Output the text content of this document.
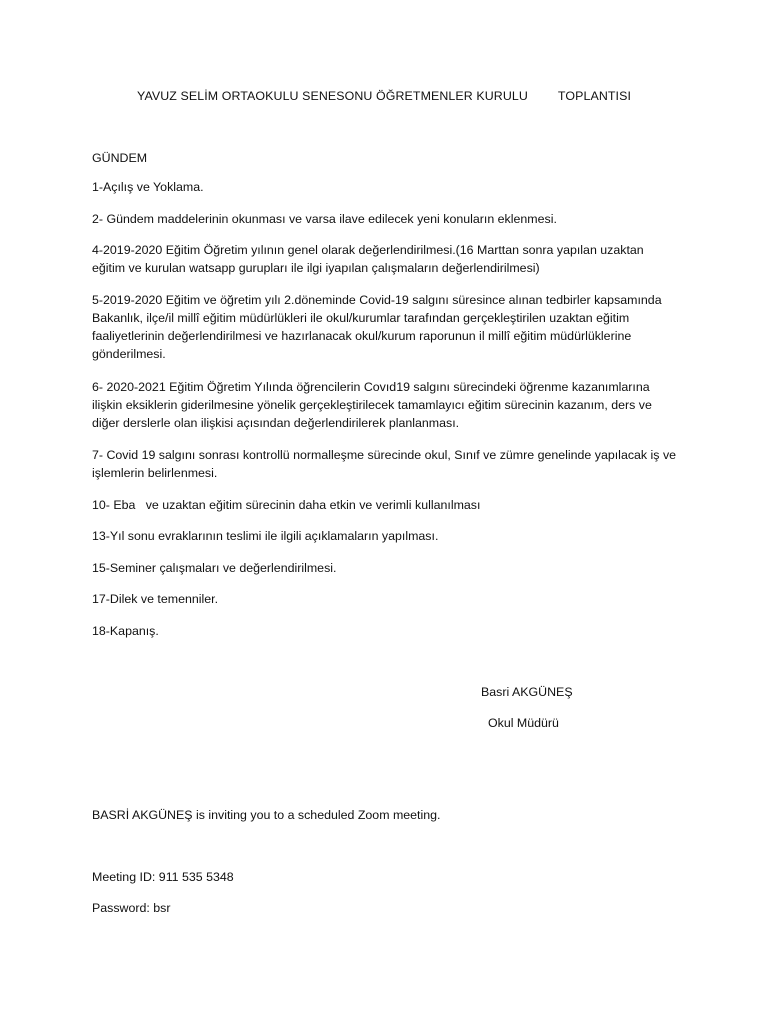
YAVUZ SELİM ORTAOKULU SENESONU ÖĞRETMENLER KURULU TOPLANTISI

GÜNDEM

1-Açılış ve Yoklama.

2- Gündem maddelerinin okunması ve varsa ilave edilecek yeni konuların eklenmesi.

4-2019-2020 Eğitim Öğretim yılının genel olarak değerlendirilmesi.(16 Marttan sonra yapılan uzaktan eğitim ve kurulan watsapp gurupları ile ilgi iyapılan çalışmaların değerlendirilmesi)

5-2019-2020 Eğitim ve öğretim yılı 2.döneminde Covid-19 salgını süresince alınan tedbirler kapsamında Bakanlık, ilçe/il millî eğitim müdürlükleri ile okul/kurumlar tarafından gerçekleştirilen uzaktan eğitim faaliyetlerinin değerlendirilmesi ve hazırlanacak okul/kurum raporunun il millî eğitim müdürlüklerine gönderilmesi.

6- 2020-2021 Eğitim Öğretim Yılında öğrencilerin Covıd19 salgını sürecindeki öğrenme kazanımlarına ilişkin eksiklerin giderilmesine yönelik gerçekleştirilecek tamamlayıcı eğitim sürecinin kazanım, ders ve diğer derslerle olan ilişkisi açısından değerlendirilerek planlanması.

7- Covid 19 salgını sonrası kontrollü normalleşme sürecinde okul, Sınıf ve zümre genelinde yapılacak iş ve işlemlerin belirlenmesi.

10- Eba   ve uzaktan eğitim sürecinin daha etkin ve verimli kullanılması

13-Yıl sonu evraklarının teslimi ile ilgili açıklamaların yapılması.

15-Seminer çalışmaları ve değerlendirilmesi.

17-Dilek ve temenniler.

18-Kapanış.

Basri AKGÜNEŞ
Okul Müdürü

BASRİ AKGÜNEŞ is inviting you to a scheduled Zoom meeting.

Meeting ID: 911 535 5348

Password: bsr
